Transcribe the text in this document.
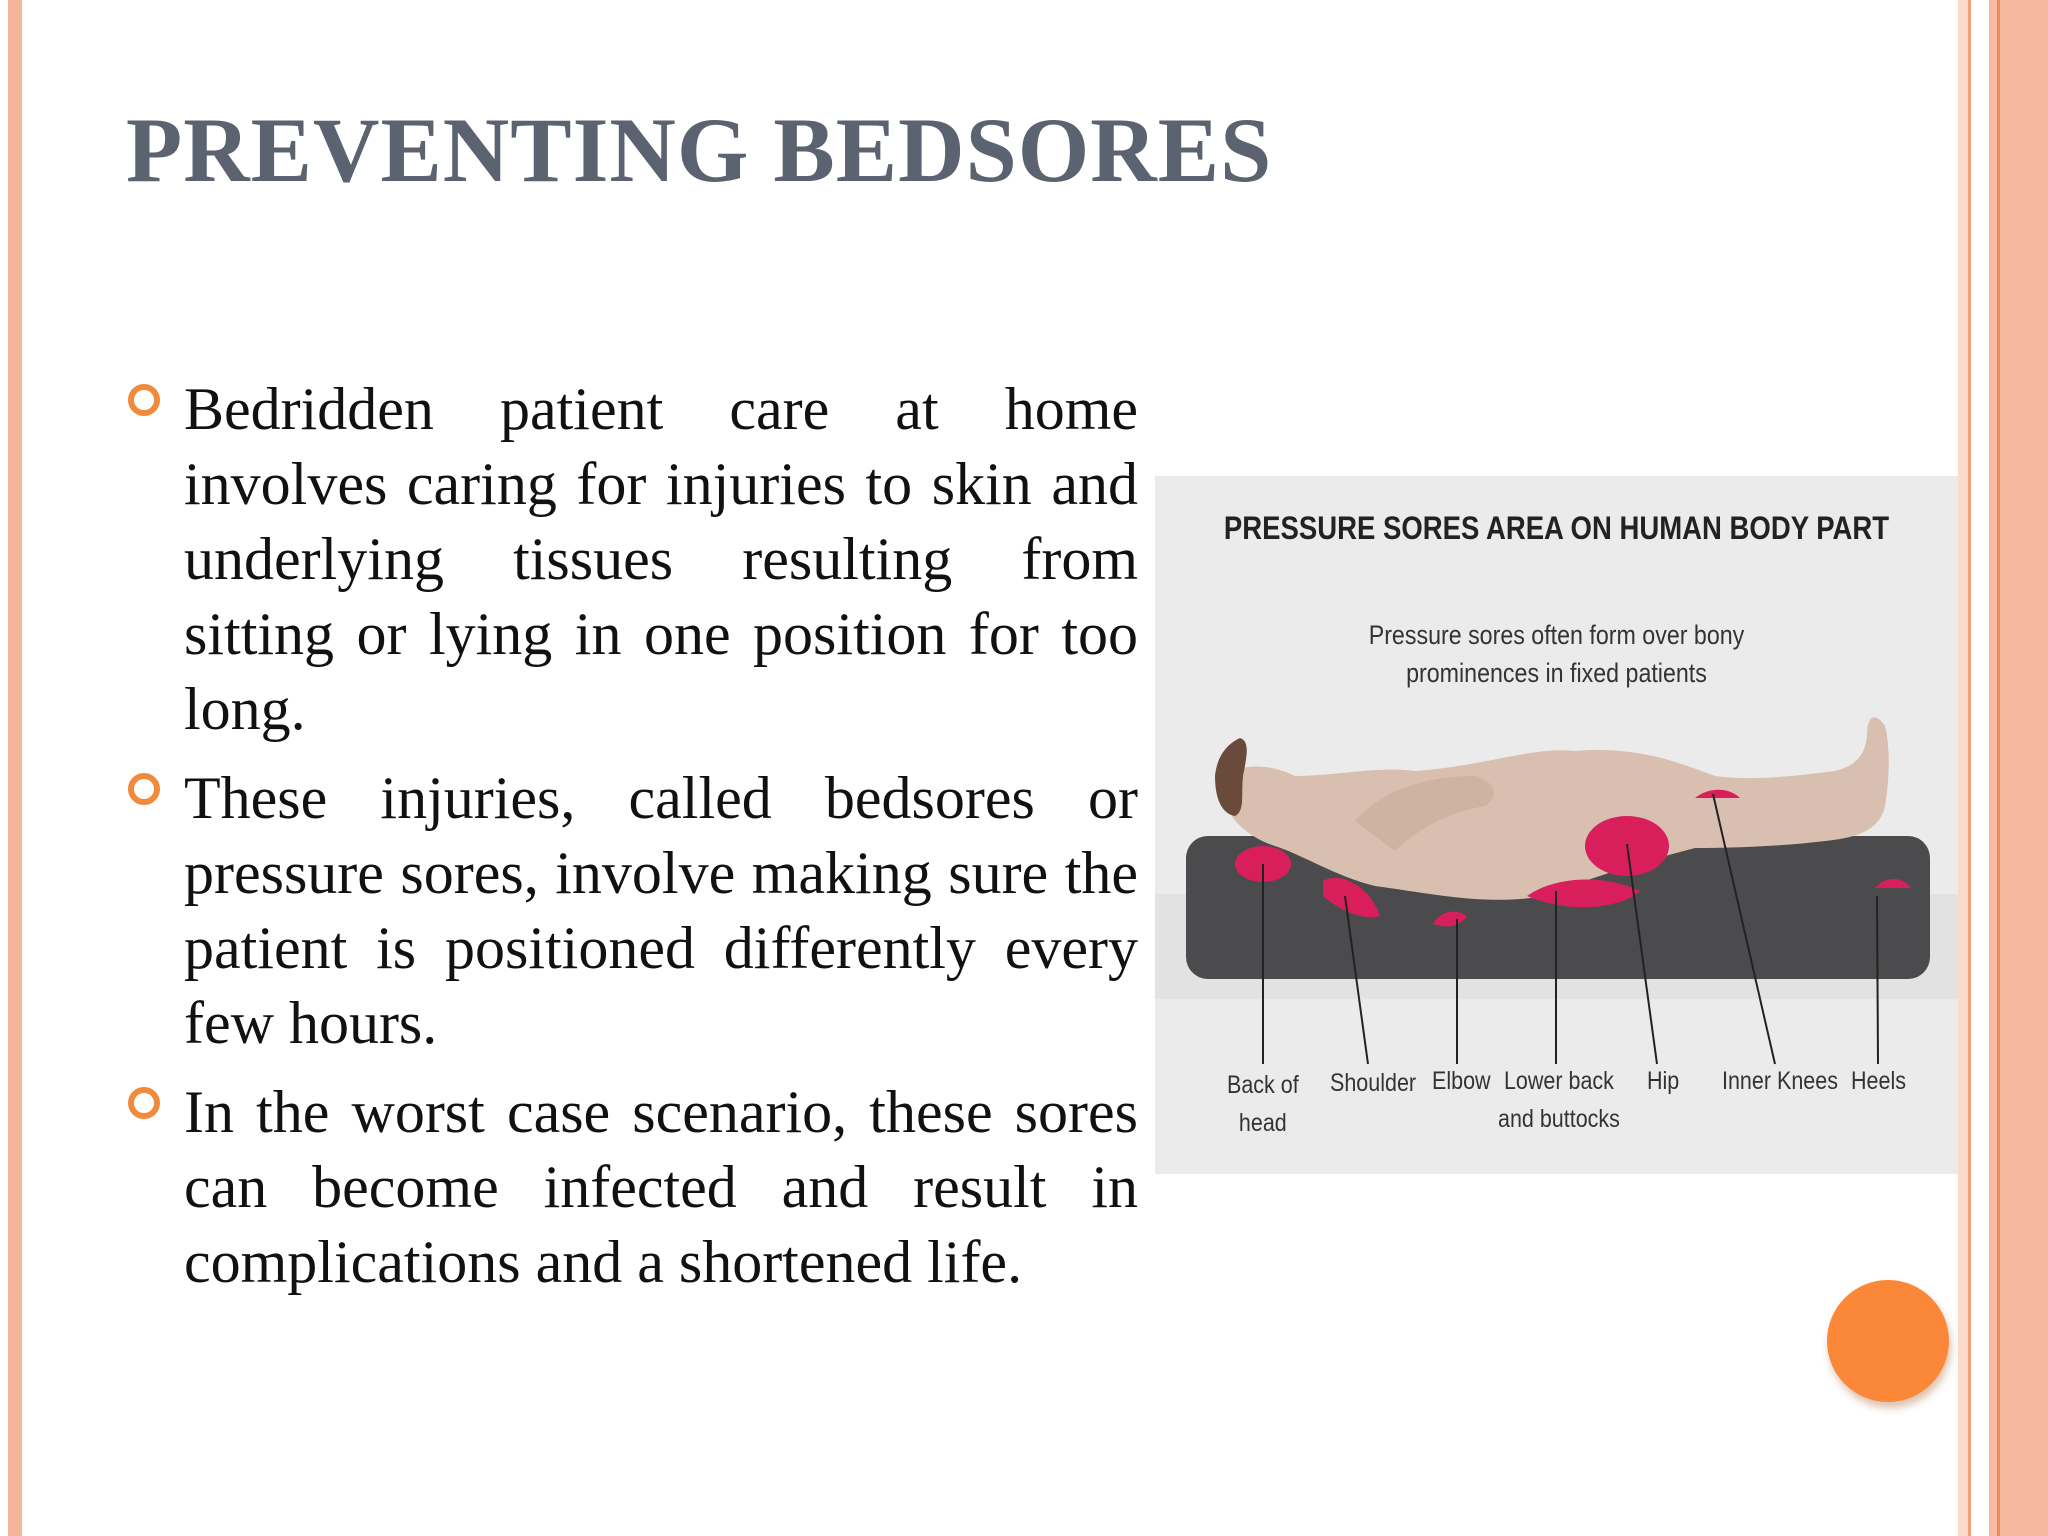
PREVENTING BEDSORES
Bedridden patient care at home involves caring for injuries to skin and underlying tissues resulting from sitting or lying in one position for too long.
These injuries, called bedsores or pressure sores, involve making sure the patient is positioned differently every few hours.
In the worst case scenario, these sores can become infected and result in complications and a shortened life.
PRESSURE SORES AREA ON HUMAN BODY PART
Pressure sores often form over bony
prominences in fixed patients
Back of
head
Shoulder Elbow Lower back
and buttocks
Hip Inner Knees Heels
